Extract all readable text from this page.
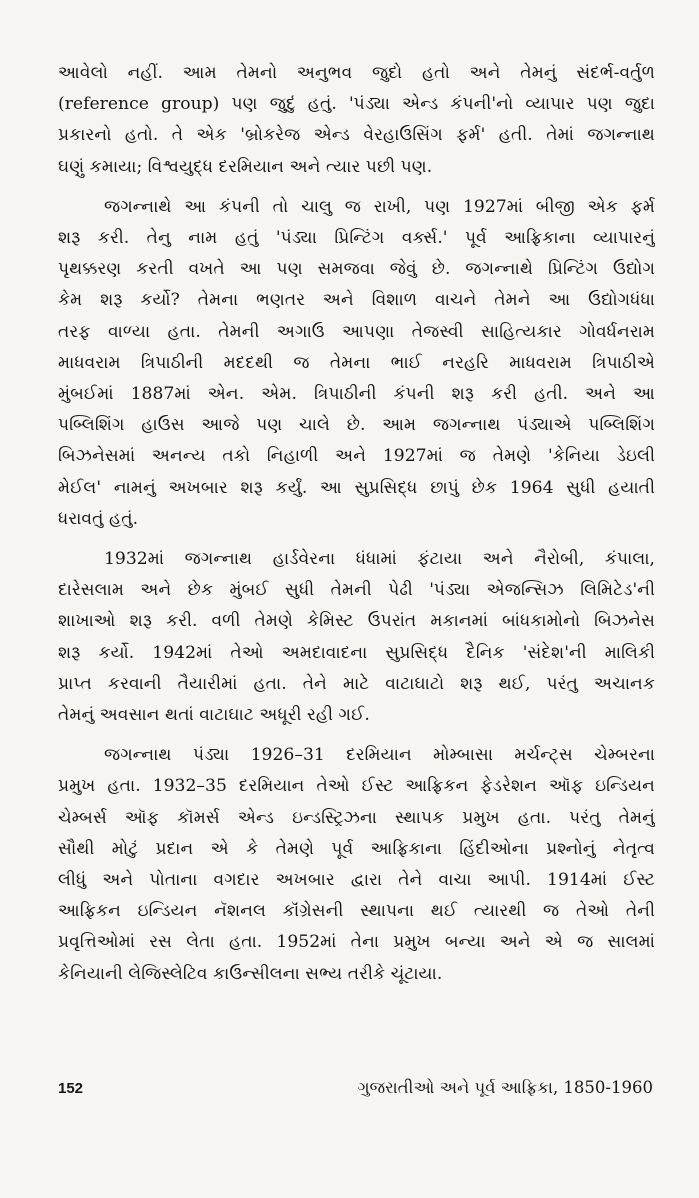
આવેલો નહીં. આમ તેમનો અનુભવ જુદો હતો અને તેમનું સંદર્ભ-વર્તુળ
(reference group) પણ જુદું હતું. 'પંડ્યા એન્ડ કંપની'નો વ્યાપાર પણ જુદા
પ્રકારનો હતો. તે એક 'બ્રોકરેજ એન્ડ વેરહાઉસિંગ ફર્મ' હતી. તેમાં જગન્નાથ
ઘણું કમાયા; વિશ્વયુદ્ધ દરમિયાન અને ત્યાર પછી પણ.

જગન્નાથે આ કંપની તો ચાલુ જ રાખી, પણ 1927માં બીજી એક ફર્મ
શરૂ કરી. તેનુ નામ હતું 'પંડ્યા પ્રિન્ટિંગ વર્ક્સ.' પૂર્વ આફ્રિકાના વ્યાપારનું
પૃથક્કરણ કરતી વખતે આ પણ સમજવા જેવું છે. જગન્નાથે પ્રિન્ટિંગ ઉદ્યોગ
કેમ શરૂ કર્યો? તેમના ભણતર અને વિશાળ વાચને તેમને આ ઉદ્યોગધંધા
તરફ વાળ્યા હતા. તેમની અગાઉ આપણા તેજસ્વી સાહિત્યકાર ગોવર્ધનરામ
માધવરામ ત્રિપાઠીની મદદથી જ તેમના ભાઈ નરહરિ માધવરામ ત્રિપાઠીએ
મુંબઈમાં 1887માં એન. એમ. ત્રિપાઠીની કંપની શરૂ કરી હતી. અને આ
પબ્લિશિંગ હાઉસ આજે પણ ચાલે છે. આમ જગન્નાથ પંડ્યાએ પબ્લિશિંગ
બિઝનેસમાં અનન્ય તકો નિહાળી અને 1927માં જ તેમણે 'કેનિયા ડેઇલી
મેઈલ' નામનું અખબાર શરૂ કર્યું. આ સુપ્રસિદ્ધ છાપું છેક 1964 સુધી હયાતી
ધરાવતું હતું.

1932માં જગન્નાથ હાર્ડવેરના ધંધામાં ફંટાયા અને નૈરોબી, કંપાલા,
દારેસલામ અને છેક મુંબઈ સુધી તેમની પેઢી 'પંડ્યા એજન્સિઝ લિમિટેડ'ની
શાખાઓ શરૂ કરી. વળી તેમણે કેમિસ્ટ ઉપરાંત મકાનમાં બાંધકામોનો બિઝનેસ
શરૂ કર્યો. 1942માં તેઓ અમદાવાદના સુપ્રસિદ્ધ દૈનિક 'સંદેશ'ની માલિકી
પ્રાપ્ત કરવાની તૈયારીમાં હતા. તેને માટે વાટાઘાટો શરૂ થઈ, પરંતુ અચાનક
તેમનું અવસાન થતાં વાટાઘાટ અધૂરી રહી ગઈ.

જગન્નાથ પંડ્યા 1926–31 દરમિયાન મોમ્બાસા મર્ચન્ટ્સ ચેમ્બરના
પ્રમુખ હતા. 1932–35 દરમિયાન તેઓ ઈસ્ટ આફ્રિકન ફેડરેશન ઑફ ઇન્ડિયન
ચેમ્બર્સ ઑફ કૉમર્સ એન્ડ ઇન્ડસ્ટ્રિઝના સ્થાપક પ્રમુખ હતા. પરંતુ તેમનું
સૌથી મોટું પ્રદાન એ કે તેમણે પૂર્વ આફ્રિકાના હિંદીઓના પ્રશ્નોનું નેતૃત્વ
લીધું અને પોતાના વગદાર અખબાર દ્વારા તેને વાચા આપી. 1914માં ઈસ્ટ
આફ્રિકન ઇન્ડિયન નૅશનલ કૉંગ્રેસની સ્થાપના થઈ ત્યારથી જ તેઓ તેની
પ્રવૃત્તિઓમાં રસ લેતા હતા. 1952માં તેના પ્રમુખ બન્યા અને એ જ સાલમાં
કેનિયાની લેજિસ્લેટિવ કાઉન્સીલના સભ્ય તરીકે ચૂંટાયા.

152	ગુજરાતીઓ અને પૂર્વ આફ્રિકા, 1850-1960
